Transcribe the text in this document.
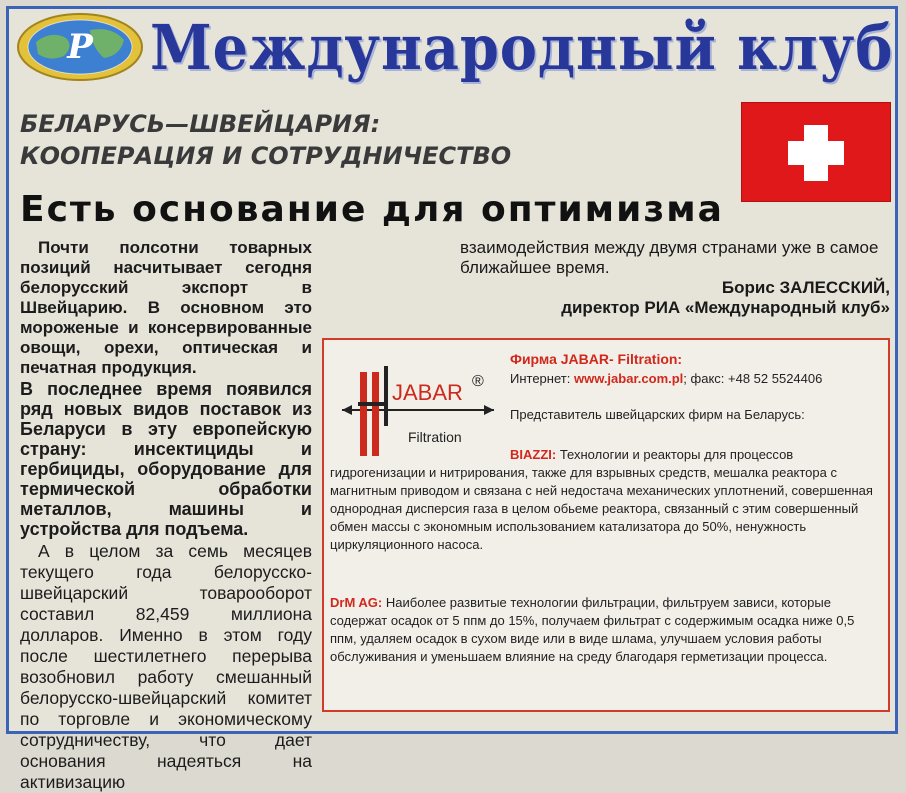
P Международный клуб
БЕЛАРУСЬ—ШВЕЙЦАРИЯ:
КООПЕРАЦИЯ И СОТРУДНИЧЕСТВО
Есть основание для оптимизма

Почти полсотни товарных позиций насчитывает сегодня белорусский экспорт в Швейцарию. В основном это мороженые и консервированные овощи, орехи, оптическая и печатная продукция.

В последнее время появился ряд новых видов поставок из Беларуси в эту европейскую страну: инсектициды и гербициды, оборудование для термической обработки металлов, машины и устройства для подъема.

А в целом за семь месяцев текущего года белорусско-швейцарский товарооборот составил 82,459 миллиона долларов. Именно в этом году после шестилетнего перерыва возобновил работу смешанный белорусско-швейцарский комитет по торговле и экономическому сотрудничеству, что дает основания надеяться на активизацию

взаимодействия между двумя странами уже в самое ближайшее время.

Борис ЗАЛЕССКИЙ,

директор РИА «Международный клуб»

JABAR ®
Filtration
Фирма JABAR- Filtration:
Интернет: www.jabar.com.pl; факс: +48 52 5524406
Представитель швейцарских фирм на Беларусь:

BIAZZI: Технологии и реакторы для процессов гидрогенизации и нитрирования, также для взрывных средств, мешалка реактора с магнитным приводом и связана с ней недостача механических уплотнений, совершенная однородная дисперсия газа в целом обьеме реактора, связанный с этим совершенный обмен массы с экономным использованием катализатора до 50%, ненужность циркуляционного насоса.

DrM AG: Наиболее развитые технологии фильтрации, фильтруем зависи, которые содержат осадок от 5 ппм до 15%, получаем фильтрат с содержимым осадка ниже 0,5 ппм, удаляем осадок в сухом виде или в виде шлама, улучшаем условия работы обслуживания и уменьшаем влияние на среду благодаря герметизации процесса.
